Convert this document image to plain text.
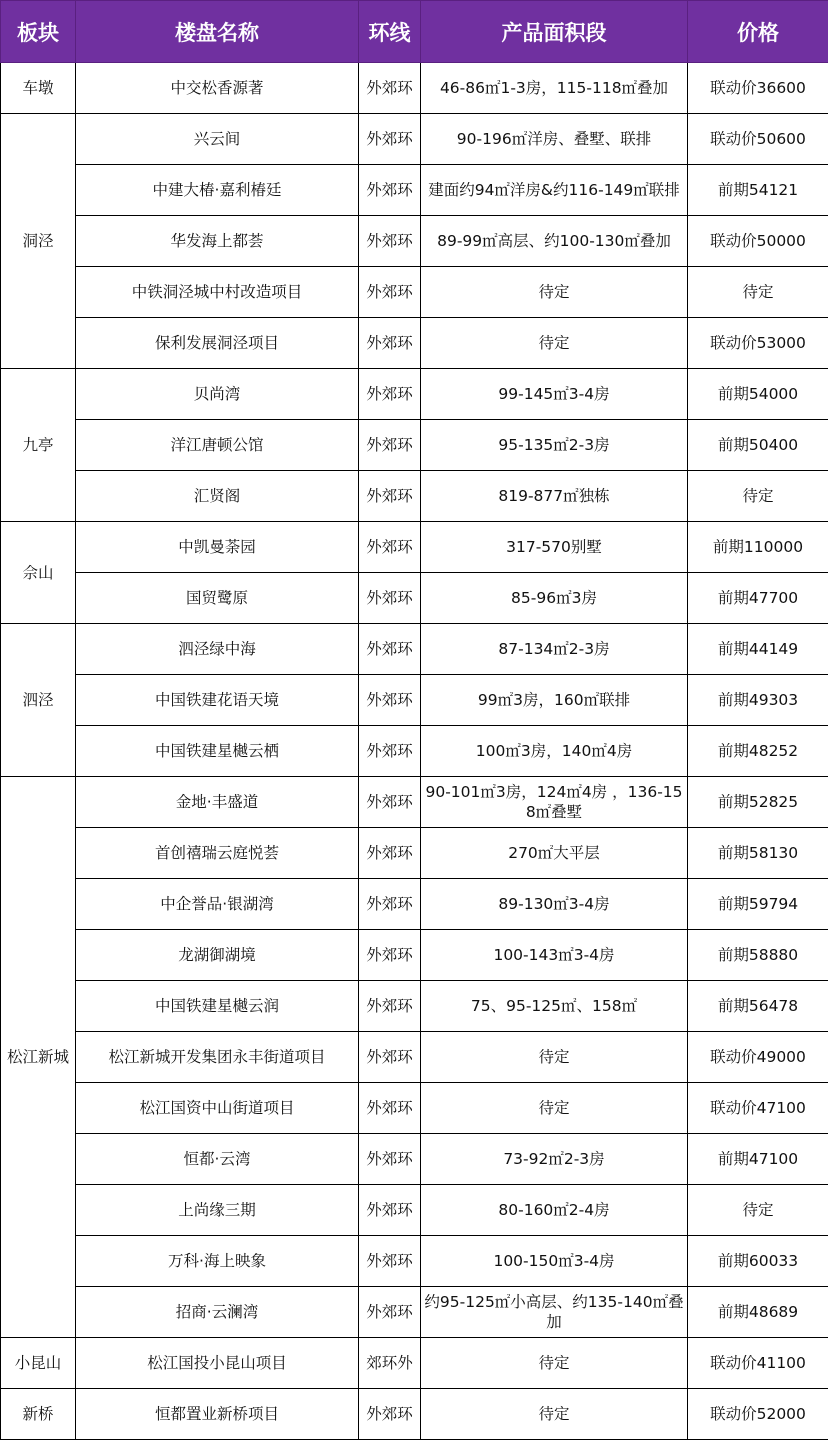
板块	楼盘名称	环线	产品面积段	价格
车墩	中交松香源著	外郊环	46-86㎡1-3房，115-118㎡叠加	联动价36600
洞泾	兴云间	外郊环	90-196㎡洋房、叠墅、联排	联动价50600
	中建大椿·嘉利椿廷	外郊环	建面约94㎡洋房&约116-149㎡联排	前期54121
	华发海上都荟	外郊环	89-99㎡高层、约100-130㎡叠加	联动价50000
	中铁洞泾城中村改造项目	外郊环	待定	待定
	保利发展洞泾项目	外郊环	待定	联动价53000
九亭	贝尚湾	外郊环	99-145㎡3-4房	前期54000
	洋江唐顿公馆	外郊环	95-135㎡2-3房	前期50400
	汇贤阁	外郊环	819-877㎡独栋	待定
佘山	中凯曼荼园	外郊环	317-570别墅	前期110000
	国贸鹭原	外郊环	85-96㎡3房	前期47700
泗泾	泗泾绿中海	外郊环	87-134㎡2-3房	前期44149
	中国铁建花语天境	外郊环	99㎡3房，160㎡联排	前期49303
	中国铁建星樾云栖	外郊环	100㎡3房，140㎡4房	前期48252
松江新城	金地·丰盛道	外郊环	90-101㎡3房，124㎡4房 ，136-158㎡叠墅	前期52825
	首创禧瑞云庭悦荟	外郊环	270㎡大平层	前期58130
	中企誉品·银湖湾	外郊环	89-130㎡3-4房	前期59794
	龙湖御湖境	外郊环	100-143㎡3-4房	前期58880
	中国铁建星樾云润	外郊环	75、95-125㎡、158㎡	前期56478
	松江新城开发集团永丰街道项目	外郊环	待定	联动价49000
	松江国资中山街道项目	外郊环	待定	联动价47100
	恒都·云湾	外郊环	73-92㎡2-3房	前期47100
	上尚缘三期	外郊环	80-160㎡2-4房	待定
	万科·海上映象	外郊环	100-150㎡3-4房	前期60033
	招商·云澜湾	外郊环	约95-125㎡小高层、约135-140㎡叠加	前期48689
小昆山	松江国投小昆山项目	郊环外	待定	联动价41100
新桥	恒都置业新桥项目	外郊环	待定	联动价52000
